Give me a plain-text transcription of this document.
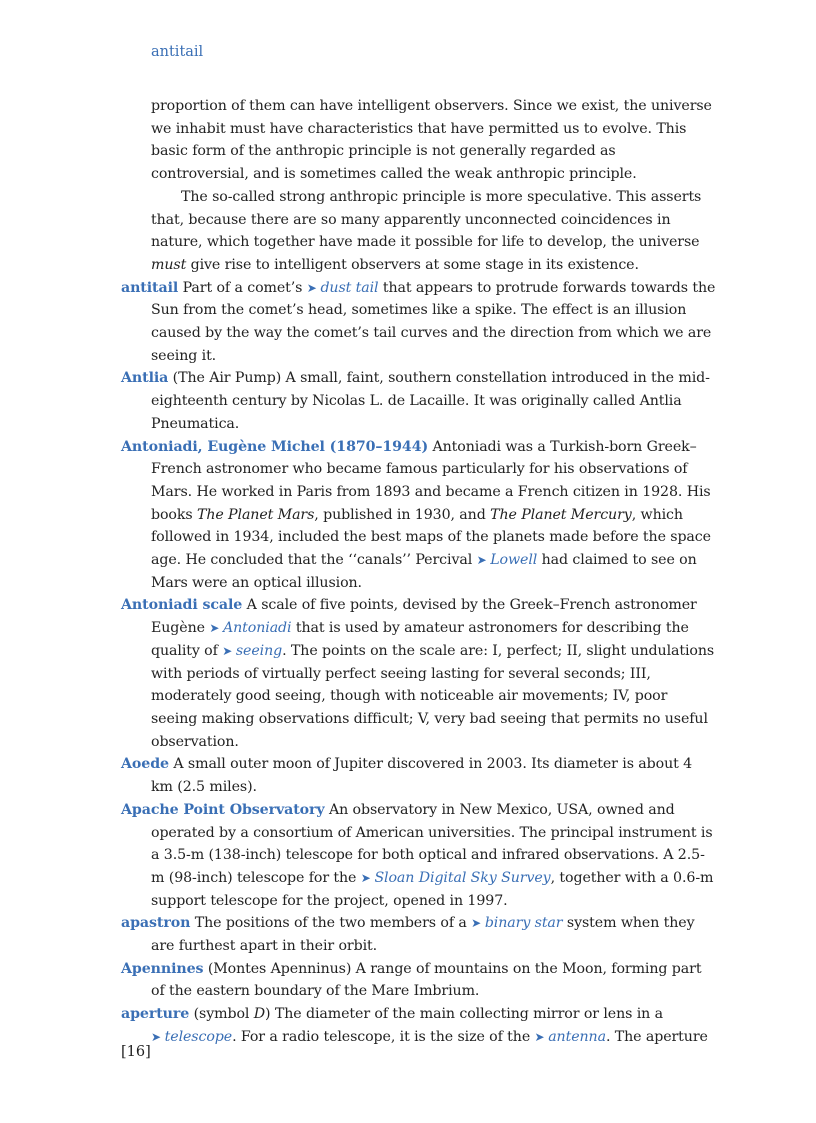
antitail

proportion of them can have intelligent observers. Since we exist, the universe we inhabit must have characteristics that have permitted us to evolve. This basic form of the anthropic principle is not generally regarded as controversial, and is sometimes called the weak anthropic principle.

The so-called strong anthropic principle is more speculative. This asserts that, because there are so many apparently unconnected coincidences in nature, which together have made it possible for life to develop, the universe must give rise to intelligent observers at some stage in its existence.

antitail Part of a comet’s ➤ dust tail that appears to protrude forwards towards the Sun from the comet’s head, sometimes like a spike. The effect is an illusion caused by the way the comet’s tail curves and the direction from which we are seeing it.

Antlia (The Air Pump) A small, faint, southern constellation introduced in the mid-eighteenth century by Nicolas L. de Lacaille. It was originally called Antlia Pneumatica.

Antoniadi, Eugène Michel (1870–1944) Antoniadi was a Turkish-born Greek–French astronomer who became famous particularly for his observations of Mars. He worked in Paris from 1893 and became a French citizen in 1928. His books The Planet Mars, published in 1930, and The Planet Mercury, which followed in 1934, included the best maps of the planets made before the space age. He concluded that the ‘‘canals’’ Percival ➤ Lowell had claimed to see on Mars were an optical illusion.

Antoniadi scale A scale of five points, devised by the Greek–French astronomer Eugène ➤ Antoniadi that is used by amateur astronomers for describing the quality of ➤ seeing. The points on the scale are: I, perfect; II, slight undulations with periods of virtually perfect seeing lasting for several seconds; III, moderately good seeing, though with noticeable air movements; IV, poor seeing making observations difficult; V, very bad seeing that permits no useful observation.

Aoede A small outer moon of Jupiter discovered in 2003. Its diameter is about 4 km (2.5 miles).

Apache Point Observatory An observatory in New Mexico, USA, owned and operated by a consortium of American universities. The principal instrument is a 3.5-m (138-inch) telescope for both optical and infrared observations. A 2.5-m (98-inch) telescope for the ➤ Sloan Digital Sky Survey, together with a 0.6-m support telescope for the project, opened in 1997.

apastron The positions of the two members of a ➤ binary star system when they are furthest apart in their orbit.

Apennines (Montes Apenninus) A range of mountains on the Moon, forming part of the eastern boundary of the Mare Imbrium.

aperture (symbol D) The diameter of the main collecting mirror or lens in a ➤ telescope. For a radio telescope, it is the size of the ➤ antenna. The aperture

[16]
